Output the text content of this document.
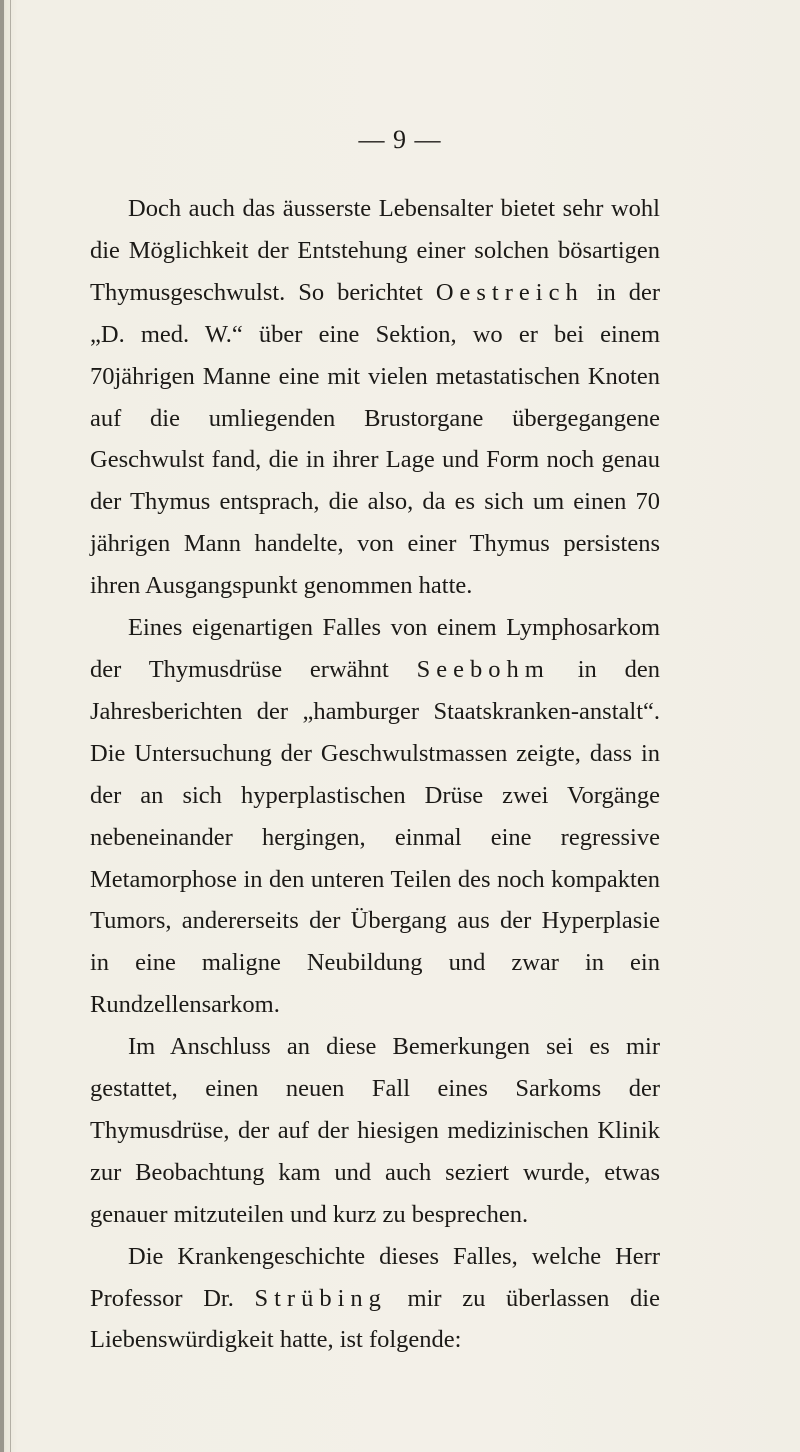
— 9 —

Doch auch das äusserste Lebensalter bietet sehr wohl die Möglichkeit der Entstehung einer solchen bösartigen Thymusgeschwulst. So berichtet Oestreich in der „D. med. W.“ über eine Sektion, wo er bei einem 70jährigen Manne eine mit vielen metastatischen Knoten auf die umliegenden Brustorgane übergegangene Geschwulst fand, die in ihrer Lage und Form noch genau der Thymus entsprach, die also, da es sich um einen 70 jährigen Mann handelte, von einer Thymus persistens ihren Ausgangspunkt genommen hatte.

Eines eigenartigen Falles von einem Lymphosarkom der Thymusdrüse erwähnt Seebohm in den Jahresberichten der „hamburger Staatskranken-anstalt“. Die Untersuchung der Geschwulstmassen zeigte, dass in der an sich hyperplastischen Drüse zwei Vorgänge nebeneinander hergingen, einmal eine regressive Metamorphose in den unteren Teilen des noch kompakten Tumors, andererseits der Übergang aus der Hyperplasie in eine maligne Neubildung und zwar in ein Rundzellensarkom.

Im Anschluss an diese Bemerkungen sei es mir gestattet, einen neuen Fall eines Sarkoms der Thymusdrüse, der auf der hiesigen medizinischen Klinik zur Beobachtung kam und auch seziert wurde, etwas genauer mitzuteilen und kurz zu besprechen.

Die Krankengeschichte dieses Falles, welche Herr Professor Dr. Strübing mir zu überlassen die Liebenswürdigkeit hatte, ist folgende:
